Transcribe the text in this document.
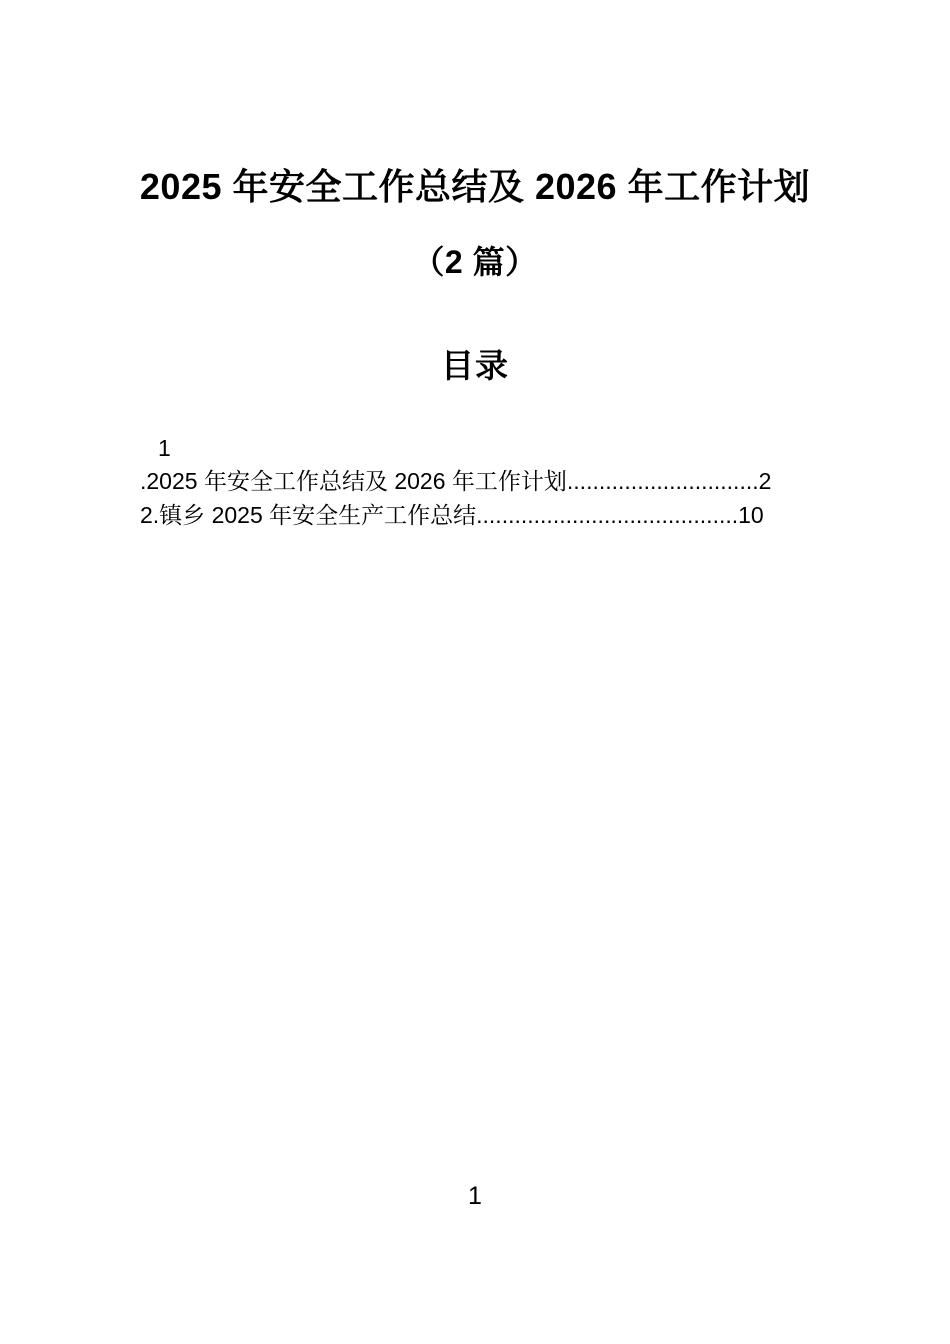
2025 年安全工作总结及 2026 年工作计划
（2 篇）
目录
1
.2025 年安全工作总结及 2026 年工作计划..............................2
2.镇乡 2025 年安全生产工作总结.........................................10
1
